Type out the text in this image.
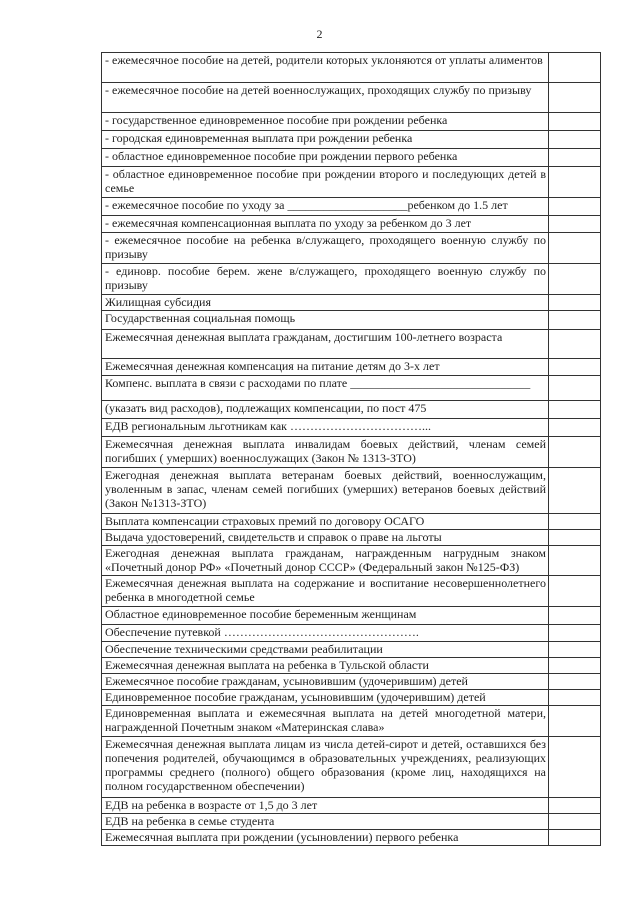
2
- ежемесячное пособие на детей, родители которых уклоняются от уплаты алиментов	
- ежемесячное пособие на детей военнослужащих, проходящих службу по призыву	
- государственное единовременное пособие при рождении ребенка	
- городская единовременная выплата при рождении ребенка	
- областное единовременное пособие при рождении первого ребенка	
- областное единовременное пособие при рождении второго и последующих детей в семье	
- ежемесячное пособие по уходу за ____________________ребенком до 1.5 лет	
- ежемесячная компенсационная выплата по уходу за ребенком до 3 лет	
- ежемесячное пособие на ребенка в/служащего, проходящего военную службу по призыву	
- единовр. пособие берем. жене в/служащего, проходящего военную службу по призыву	
Жилищная субсидия	
Государственная социальная помощь	
Ежемесячная денежная выплата гражданам, достигшим 100-летнего возраста	
Ежемесячная денежная компенсация на питание детям до 3-х лет	
Компенс. выплата в связи с расходами по плате ______________________________	
(указать вид расходов), подлежащих компенсации, по пост 475	
ЕДВ региональным льготникам как ……………………………...	
Ежемесячная денежная выплата инвалидам боевых действий, членам семей погибших ( умерших) военнослужащих (Закон № 1313-ЗТО)	
Ежегодная денежная выплата ветеранам боевых действий, военнослужащим, уволенным в запас, членам семей погибших (умерших) ветеранов боевых действий (Закон №1313-ЗТО)	
Выплата компенсации страховых премий по договору ОСАГО	
Выдача удостоверений, свидетельств и справок о праве на льготы	
Ежегодная денежная выплата гражданам, награжденным нагрудным знаком «Почетный донор РФ» «Почетный донор СССР» (Федеральный закон №125-ФЗ)	
Ежемесячная денежная выплата на содержание и воспитание несовершеннолетнего ребенка в многодетной семье	
Областное единовременное пособие беременным женщинам	
Обеспечение путевкой ………………………………………….	
Обеспечение техническими средствами реабилитации	
Ежемесячная денежная выплата на ребенка в Тульской области	
Ежемесячное пособие гражданам, усыновившим (удочерившим) детей	
Единовременное пособие гражданам, усыновившим (удочерившим) детей	
Единовременная выплата и ежемесячная выплата на детей многодетной матери, награжденной Почетным знаком «Материнская слава»	
Ежемесячная денежная выплата лицам из числа детей-сирот и детей, оставшихся без попечения родителей, обучающимся в образовательных учреждениях, реализующих программы среднего (полного) общего образования (кроме лиц, находящихся на полном государственном обеспечении)	
ЕДВ на ребенка в возрасте от 1,5 до 3 лет	
ЕДВ на ребенка в семье студента	
Ежемесячная выплата при рождении (усыновлении) первого ребенка	
